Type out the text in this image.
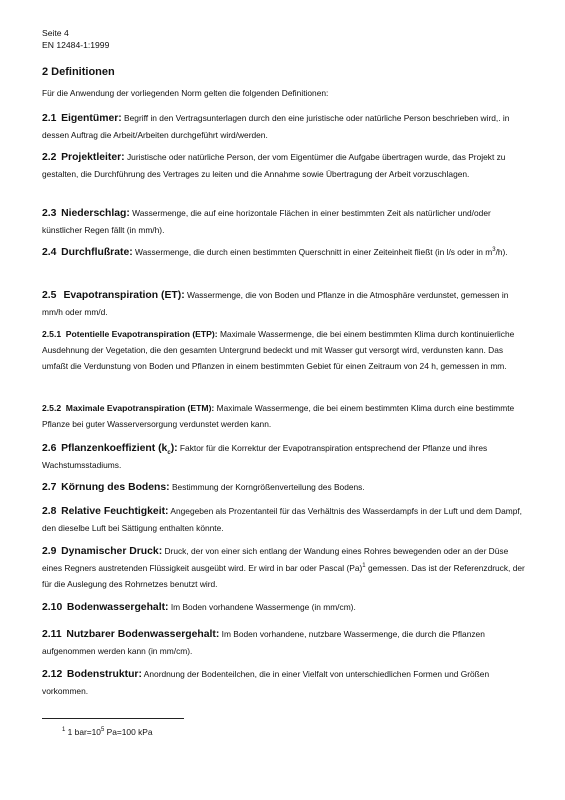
Seite 4
EN 12484-1:1999
2 Definitionen
Für die Anwendung der vorliegenden Norm gelten die folgenden Definitionen:
2.1 Eigentümer: Begriff in den Vertragsunterlagen durch den eine juristische oder natürliche Person beschrieben wird,. in dessen Auftrag die Arbeit/Arbeiten durchgeführt wird/werden.
2.2 Projektleiter: Juristische oder natürliche Person, der vom Eigentümer die Aufgabe übertragen wurde, das Projekt zu gestalten, die Durchführung des Vertrages zu leiten und die Annahme sowie Übertragung der Arbeit vorzuschlagen.
2.3 Niederschlag: Wassermenge, die auf eine horizontale Flächen in einer bestimmten Zeit als natürlicher und/oder künstlicher Regen fällt (in mm/h).
2.4 Durchflußrate: Wassermenge, die durch einen bestimmten Querschnitt in einer Zeiteinheit fließt (in l/s oder in $m^3/h$).
2.5 Evapotranspiration (ET): Wassermenge, die von Boden und Pflanze in die Atmosphäre verdunstet, gemessen in mm/h oder mm/d.
2.5.1 Potentielle Evapotranspiration (ETP): Maximale Wassermenge, die bei einem bestimmten Klima durch kontinuierliche Ausdehnung der Vegetation, die den gesamten Untergrund bedeckt und mit Wasser gut versorgt wird, verdunsten kann. Das umfaßt die Verdunstung von Boden und Pflanzen in einem bestimmten Gebiet für einen Zeitraum von 24 h, gemessen in mm.
2.5.2 Maximale Evapotranspiration (ETM): Maximale Wassermenge, die bei einem bestimmten Klima durch eine bestimmte Pflanze bei guter Wasserversorgung verdunstet werden kann.
2.6 Pflanzenkoeffizient $(k_c)$: Faktor für die Korrektur der Evapotranspiration entsprechend der Pflanze und ihres Wachstumsstadiums.
2.7 Körnung des Bodens: Bestimmung der Korngrößenverteilung des Bodens.
2.8 Relative Feuchtigkeit: Angegeben als Prozentanteil für das Verhältnis des Wasserdampfs in der Luft und dem Dampf, den dieselbe Luft bei Sättigung enthalten könnte.
2.9 Dynamischer Druck: Druck, der von einer sich entlang der Wandung eines Rohres bewegenden oder an der Düse eines Regners austretenden Flüssigkeit ausgeübt wird. Er wird in bar oder Pascal $(Pa)^1$ gemessen. Das ist der Referenzdruck, der für die Auslegung des Rohrnetzes benutzt wird.
2.10 Bodenwassergehalt: Im Boden vorhandene Wassermenge (in mm/cm).
2.11 Nutzbarer Bodenwassergehalt: Im Boden vorhandene, nutzbare Wassermenge, die durch die Pflanzen aufgenommen werden kann (in mm/cm).
2.12 Bodenstruktur: Anordnung der Bodenteilchen, die in einer Vielfalt von unterschiedlichen Formen und Größen vorkommen.
$^1$ 1 $bar=10^5$ Pa=100 kPa
